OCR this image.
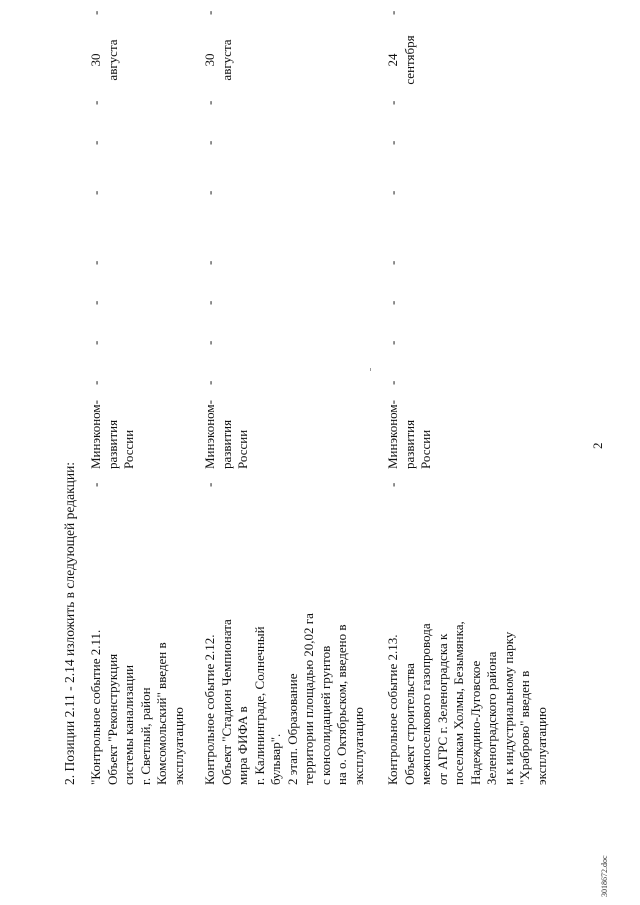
2
2. Позиции 2.11 - 2.14 изложить в следующей редакции: "Контрольное событие 2.11.
Объект "Реконструкция
системы канализации
г. Светлый, район
Комсомольский" введен в
эксплуатацию
-
Минэконом-
развития
России
-
-
-
-
-
-
-
-
30
августа
Контрольное событие 2.12.
Объект "Стадион Чемпионата
мира ФИФА в
г. Калининграде, Солнечный
бульвар".
2 этап. Образование
территории площадью 20,02 га
с консолидацией грунтов
на о. Октябрьском, введено в
эксплуатацию
-
Минэконом-
развития
России
-
-
-
-
-
-
-
-
30
августа
Контрольное событие 2.13.
Объект строительства
межпоселкового газопровода
от АГРС г. Зеленоградска к
поселкам Холмы, Безымянка,
Надеждино-Луговское
Зеленоградского района
и к индустриальному парку
"Храброво" введен в
эксплуатацию
-
Минэконом-
развития
России
-
-
-
-
-
-
-
-
24
сентября
3018672.doc
